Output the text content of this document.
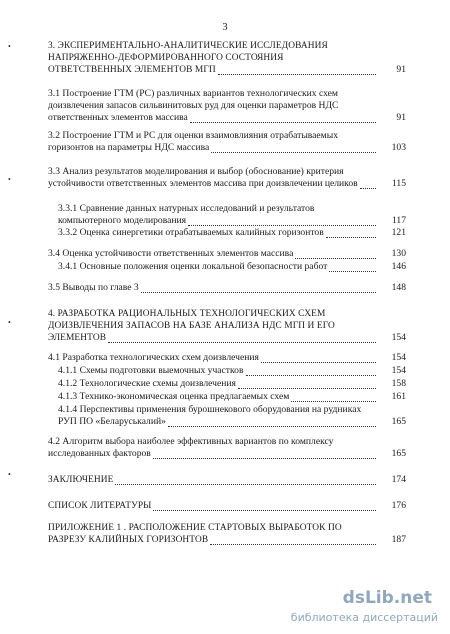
3
3. ЭКСПЕРИМЕНТАЛЬНО-АНАЛИТИЧЕСКИЕ ИССЛЕДОВАНИЯ
НАПРЯЖЕННО-ДЕФОРМИРОВАННОГО СОСТОЯНИЯ
ОТВЕТСТВЕННЫХ ЭЛЕМЕНТОВ МГП	91
3.1 Построение ГТМ (РС) различных вариантов технологических схем
доизвлечения запасов сильвинитовых руд для оценки параметров НДС
ответственных элементов массива	91
3.2 Построение ГТМ и РС для оценки взаимовлияния отрабатываемых
горизонтов на параметры НДС массива	103
3.3 Анализ результатов моделирования и выбор (обоснование) критерия
устойчивости ответственных элементов массива при доизвлечении целиков	115
3.3.1 Сравнение данных натурных исследований и результатов
компьютерного моделирования	117
3.3.2 Оценка синергетики отрабатываемых калийных горизонтов	121
3.4 Оценка устойчивости ответственных элементов массива	130
3.4.1 Основные положения оценки локальной безопасности работ	146
3.5 Выводы по главе 3	148
4. РАЗРАБОТКА РАЦИОНАЛЬНЫХ ТЕХНОЛОГИЧЕСКИХ СХЕМ
ДОИЗВЛЕЧЕНИЯ ЗАПАСОВ НА БАЗЕ АНАЛИЗА НДС МГП И ЕГО
ЭЛЕМЕНТОВ	154
4.1 Разработка технологических схем доизвлечения	154
4.1.1 Схемы подготовки выемочных участков	154
4.1.2 Технологические схемы доизвлечения	158
4.1.3 Технико-экономическая оценка предлагаемых схем	161
4.1.4 Перспективы применения бурошнекового оборудования на рудниках
РУП ПО «Беларуськалий»	165
4.2 Алгоритм выбора наиболее эффективных вариантов по комплексу
исследованных факторов	165
ЗАКЛЮЧЕНИЕ	174
СПИСОК ЛИТЕРАТУРЫ	176
ПРИЛОЖЕНИЕ 1 . РАСПОЛОЖЕНИЕ СТАРТОВЫХ ВЫРАБОТОК ПО
РАЗРЕЗУ КАЛИЙНЫХ ГОРИЗОНТОВ	187
•
•
•
•
dsLib.net
библиотека диссертаций
